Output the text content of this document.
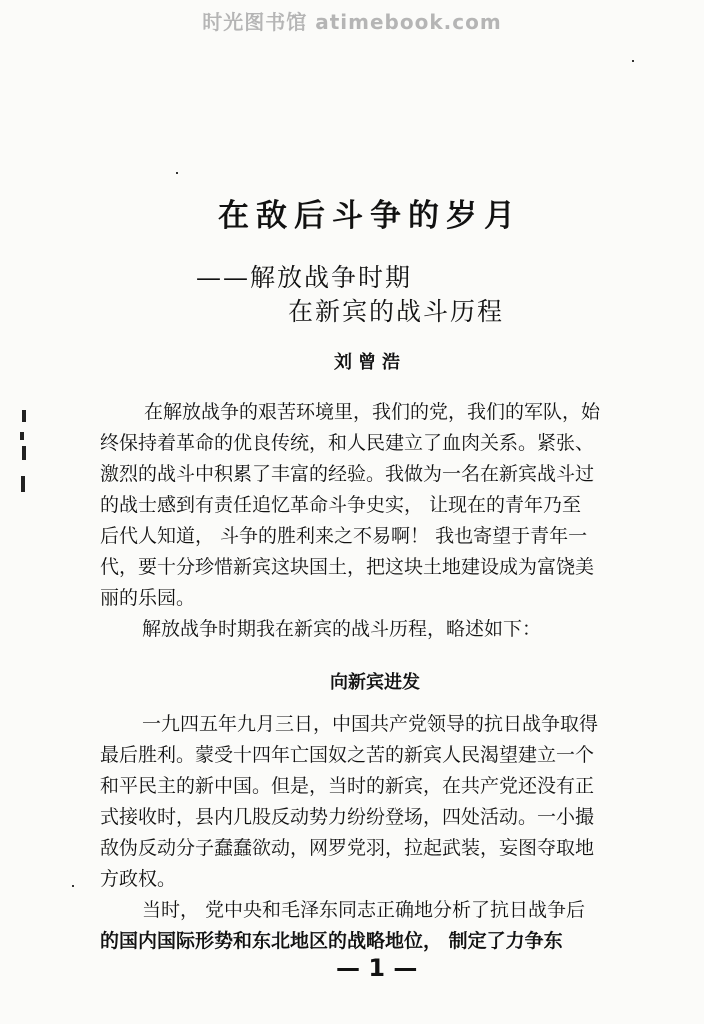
时光图书馆 atimebook.com
在敌后斗争的岁月
——解放战争时期
在新宾的战斗历程
刘曾浩
在解放战争的艰苦环境里，我们的党，我们的军队，始
终保持着革命的优良传统，和人民建立了血肉关系。紧张、
激烈的战斗中积累了丰富的经验。我做为一名在新宾战斗过
的战士感到有责任追忆革命斗争史实， 让现在的青年乃至
后代人知道， 斗争的胜利来之不易啊！ 我也寄望于青年一
代，要十分珍惜新宾这块国土，把这块土地建设成为富饶美
丽的乐园。
解放战争时期我在新宾的战斗历程，略述如下：
向新宾进发
一九四五年九月三日，中国共产党领导的抗日战争取得
最后胜利。蒙受十四年亡国奴之苦的新宾人民渴望建立一个
和平民主的新中国。但是，当时的新宾，在共产党还没有正
式接收时，县内几股反动势力纷纷登场，四处活动。一小撮
敌伪反动分子蠢蠢欲动，网罗党羽，拉起武装，妄图夺取地
方政权。
当时， 党中央和毛泽东同志正确地分析了抗日战争后
的国内国际形势和东北地区的战略地位， 制定了力争东
— 1 —
